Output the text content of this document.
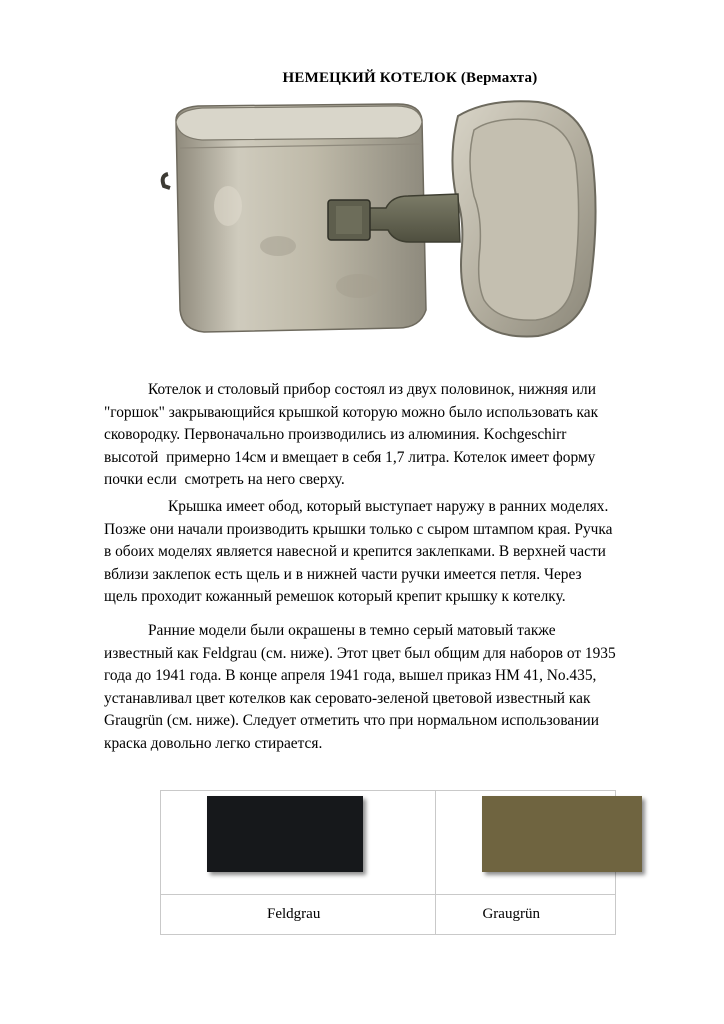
НЕМЕЦКИЙ КОТЕЛОК (Вермахта)
Котелок и столовый прибор состоял из двух половинок, нижняя или
"горшок" закрывающийся крышкой которую можно было использовать как
сковородку. Первоначально производились из алюминия. Kochgeschirr
высотой  примерно 14см и вмещает в себя 1,7 литра. Котелок имеет форму
почки если  смотреть на него сверху.
Крышка имеет обод, который выступает наружу в ранних моделях.
Позже они начали производить крышки только с сыром штампом края. Ручка
в обоих моделях является навесной и крепится заклепками. В верхней части
вблизи заклепок есть щель и в нижней части ручки имеется петля. Через
щель проходит кожанный ремешок который крепит крышку к котелку.
Ранние модели были окрашены в темно серый матовый также
известный как Feldgrau (см. ниже). Этот цвет был общим для наборов от 1935
года до 1941 года. В конце апреля 1941 года, вышел приказ HM 41, No.435,
устанавливал цвет котелков как серовато-зеленой цветовой известный как
Graugrün (см. ниже). Следует отметить что при нормальном использовании
краска довольно легко стирается.

Feldgrau	Graugrün
